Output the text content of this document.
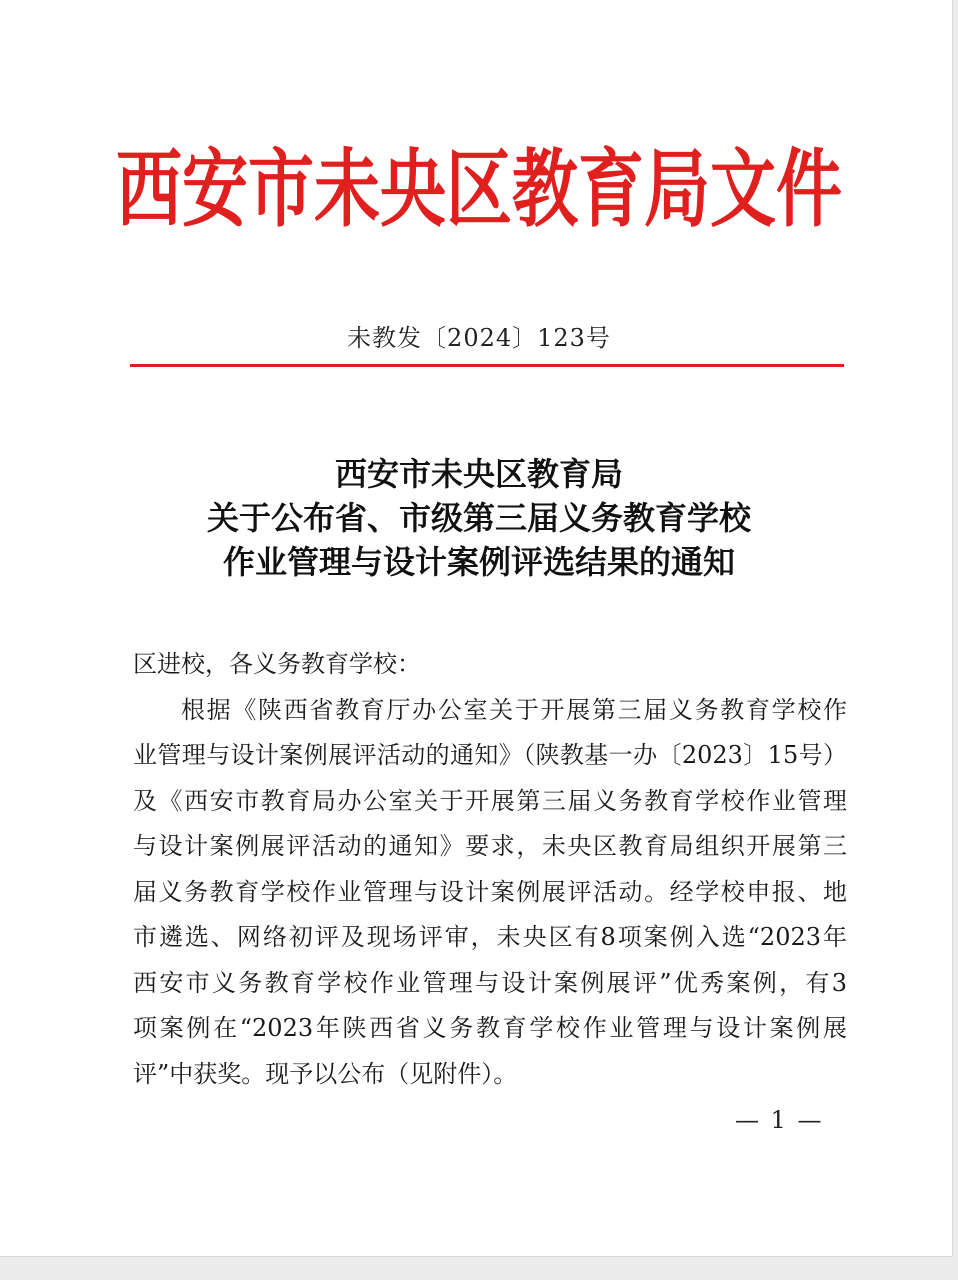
西安市未央区教育局文件
未教发〔2024〕123号
西安市未央区教育局
关于公布省、市级第三届义务教育学校
作业管理与设计案例评选结果的通知
区进校，各义务教育学校：
根据《陕西省教育厅办公室关于开展第三届义务教育学校作
业管理与设计案例展评活动的通知》（陕教基一办〔2023〕15号）
及《西安市教育局办公室关于开展第三届义务教育学校作业管理
与设计案例展评活动的通知》要求，未央区教育局组织开展第三
届义务教育学校作业管理与设计案例展评活动。经学校申报、地
市遴选、网络初评及现场评审，未央区有8项案例入选“2023年
西安市义务教育学校作业管理与设计案例展评”优秀案例，有3
项案例在“2023年陕西省义务教育学校作业管理与设计案例展
评”中获奖。现予以公布（见附件）。
— 1 —
